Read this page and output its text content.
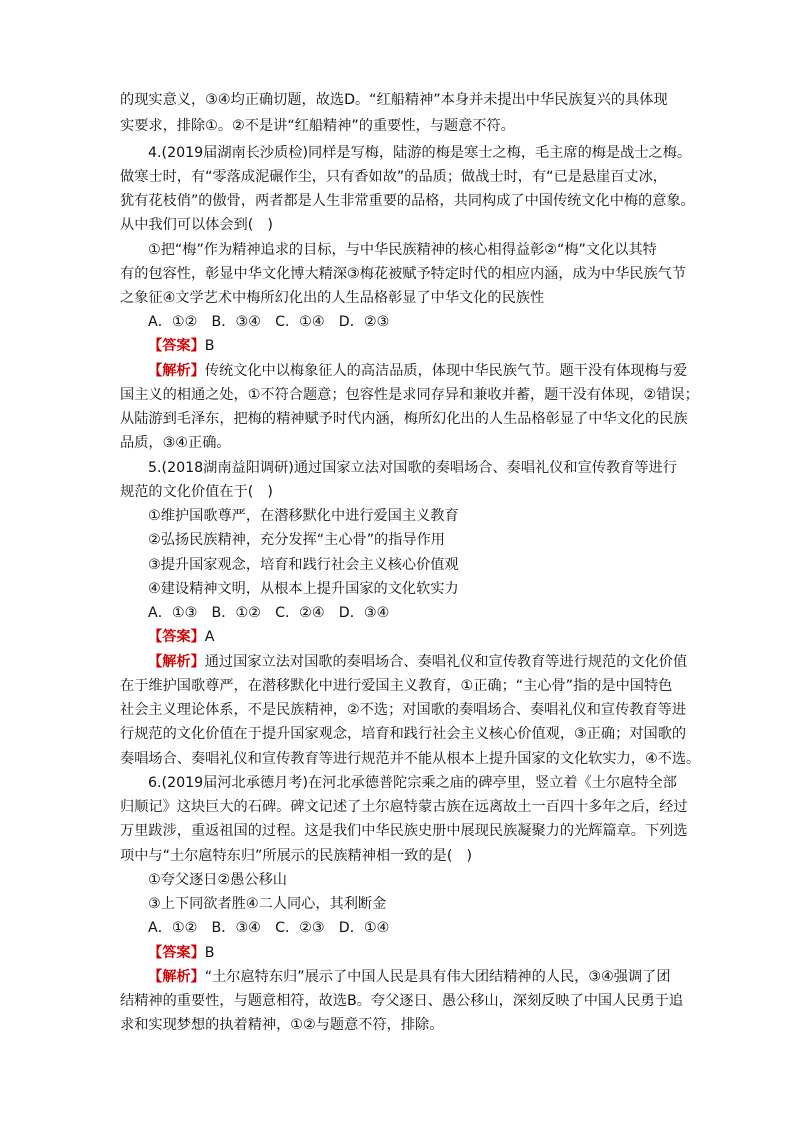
的现实意义，③④均正确切题，故选D。“红船精神”本身并未提出中华民族复兴的具体现
实要求，排除①。②不是讲“红船精神”的重要性，与题意不符。
4.(2019届湖南长沙质检)同样是写梅，陆游的梅是寒士之梅，毛主席的梅是战士之梅。
做寒士时，有“零落成泥碾作尘，只有香如故”的品质；做战士时，有“已是悬崖百丈冰，
犹有花枝俏”的傲骨，两者都是人生非常重要的品格，共同构成了中国传统文化中梅的意象。
从中我们可以体会到(　)
①把“梅”作为精神追求的目标，与中华民族精神的核心相得益彰②“梅”文化以其特
有的包容性，彰显中华文化博大精深③梅花被赋予特定时代的相应内涵，成为中华民族气节
之象征④文学艺术中梅所幻化出的人生品格彰显了中华文化的民族性
A．①②　B．③④　C．①④　D．②③
【答案】B
【解析】传统文化中以梅象征人的高洁品质，体现中华民族气节。题干没有体现梅与爱
国主义的相通之处，①不符合题意；包容性是求同存异和兼收并蓄，题干没有体现，②错误；
从陆游到毛泽东，把梅的精神赋予时代内涵，梅所幻化出的人生品格彰显了中华文化的民族
品质，③④正确。
5.(2018湖南益阳调研)通过国家立法对国歌的奏唱场合、奏唱礼仪和宣传教育等进行
规范的文化价值在于(　)
①维护国歌尊严，在潜移默化中进行爱国主义教育
②弘扬民族精神，充分发挥“主心骨”的指导作用
③提升国家观念，培育和践行社会主义核心价值观
④建设精神文明，从根本上提升国家的文化软实力
A．①③　B．①②　C．②④　D．③④
【答案】A
【解析】通过国家立法对国歌的奏唱场合、奏唱礼仪和宣传教育等进行规范的文化价值
在于维护国歌尊严，在潜移默化中进行爱国主义教育，①正确；“主心骨”指的是中国特色
社会主义理论体系，不是民族精神，②不选；对国歌的奏唱场合、奏唱礼仪和宣传教育等进
行规范的文化价值在于提升国家观念，培育和践行社会主义核心价值观，③正确；对国歌的
奏唱场合、奏唱礼仪和宣传教育等进行规范并不能从根本上提升国家的文化软实力，④不选。
6.(2019届河北承德月考)在河北承德普陀宗乘之庙的碑亭里，竖立着《土尔扈特全部
归顺记》这块巨大的石碑。碑文记述了土尔扈特蒙古族在远离故土一百四十多年之后，经过
万里跋涉，重返祖国的过程。这是我们中华民族史册中展现民族凝聚力的光辉篇章。下列选
项中与“土尔扈特东归”所展示的民族精神相一致的是(　)
①夸父逐日②愚公移山
③上下同欲者胜④二人同心，其利断金
A．①②　B．③④　C．②③　D．①④
【答案】B
【解析】“土尔扈特东归”展示了中国人民是具有伟大团结精神的人民，③④强调了团
结精神的重要性，与题意相符，故选B。夸父逐日、愚公移山，深刻反映了中国人民勇于追
求和实现梦想的执着精神，①②与题意不符，排除。
